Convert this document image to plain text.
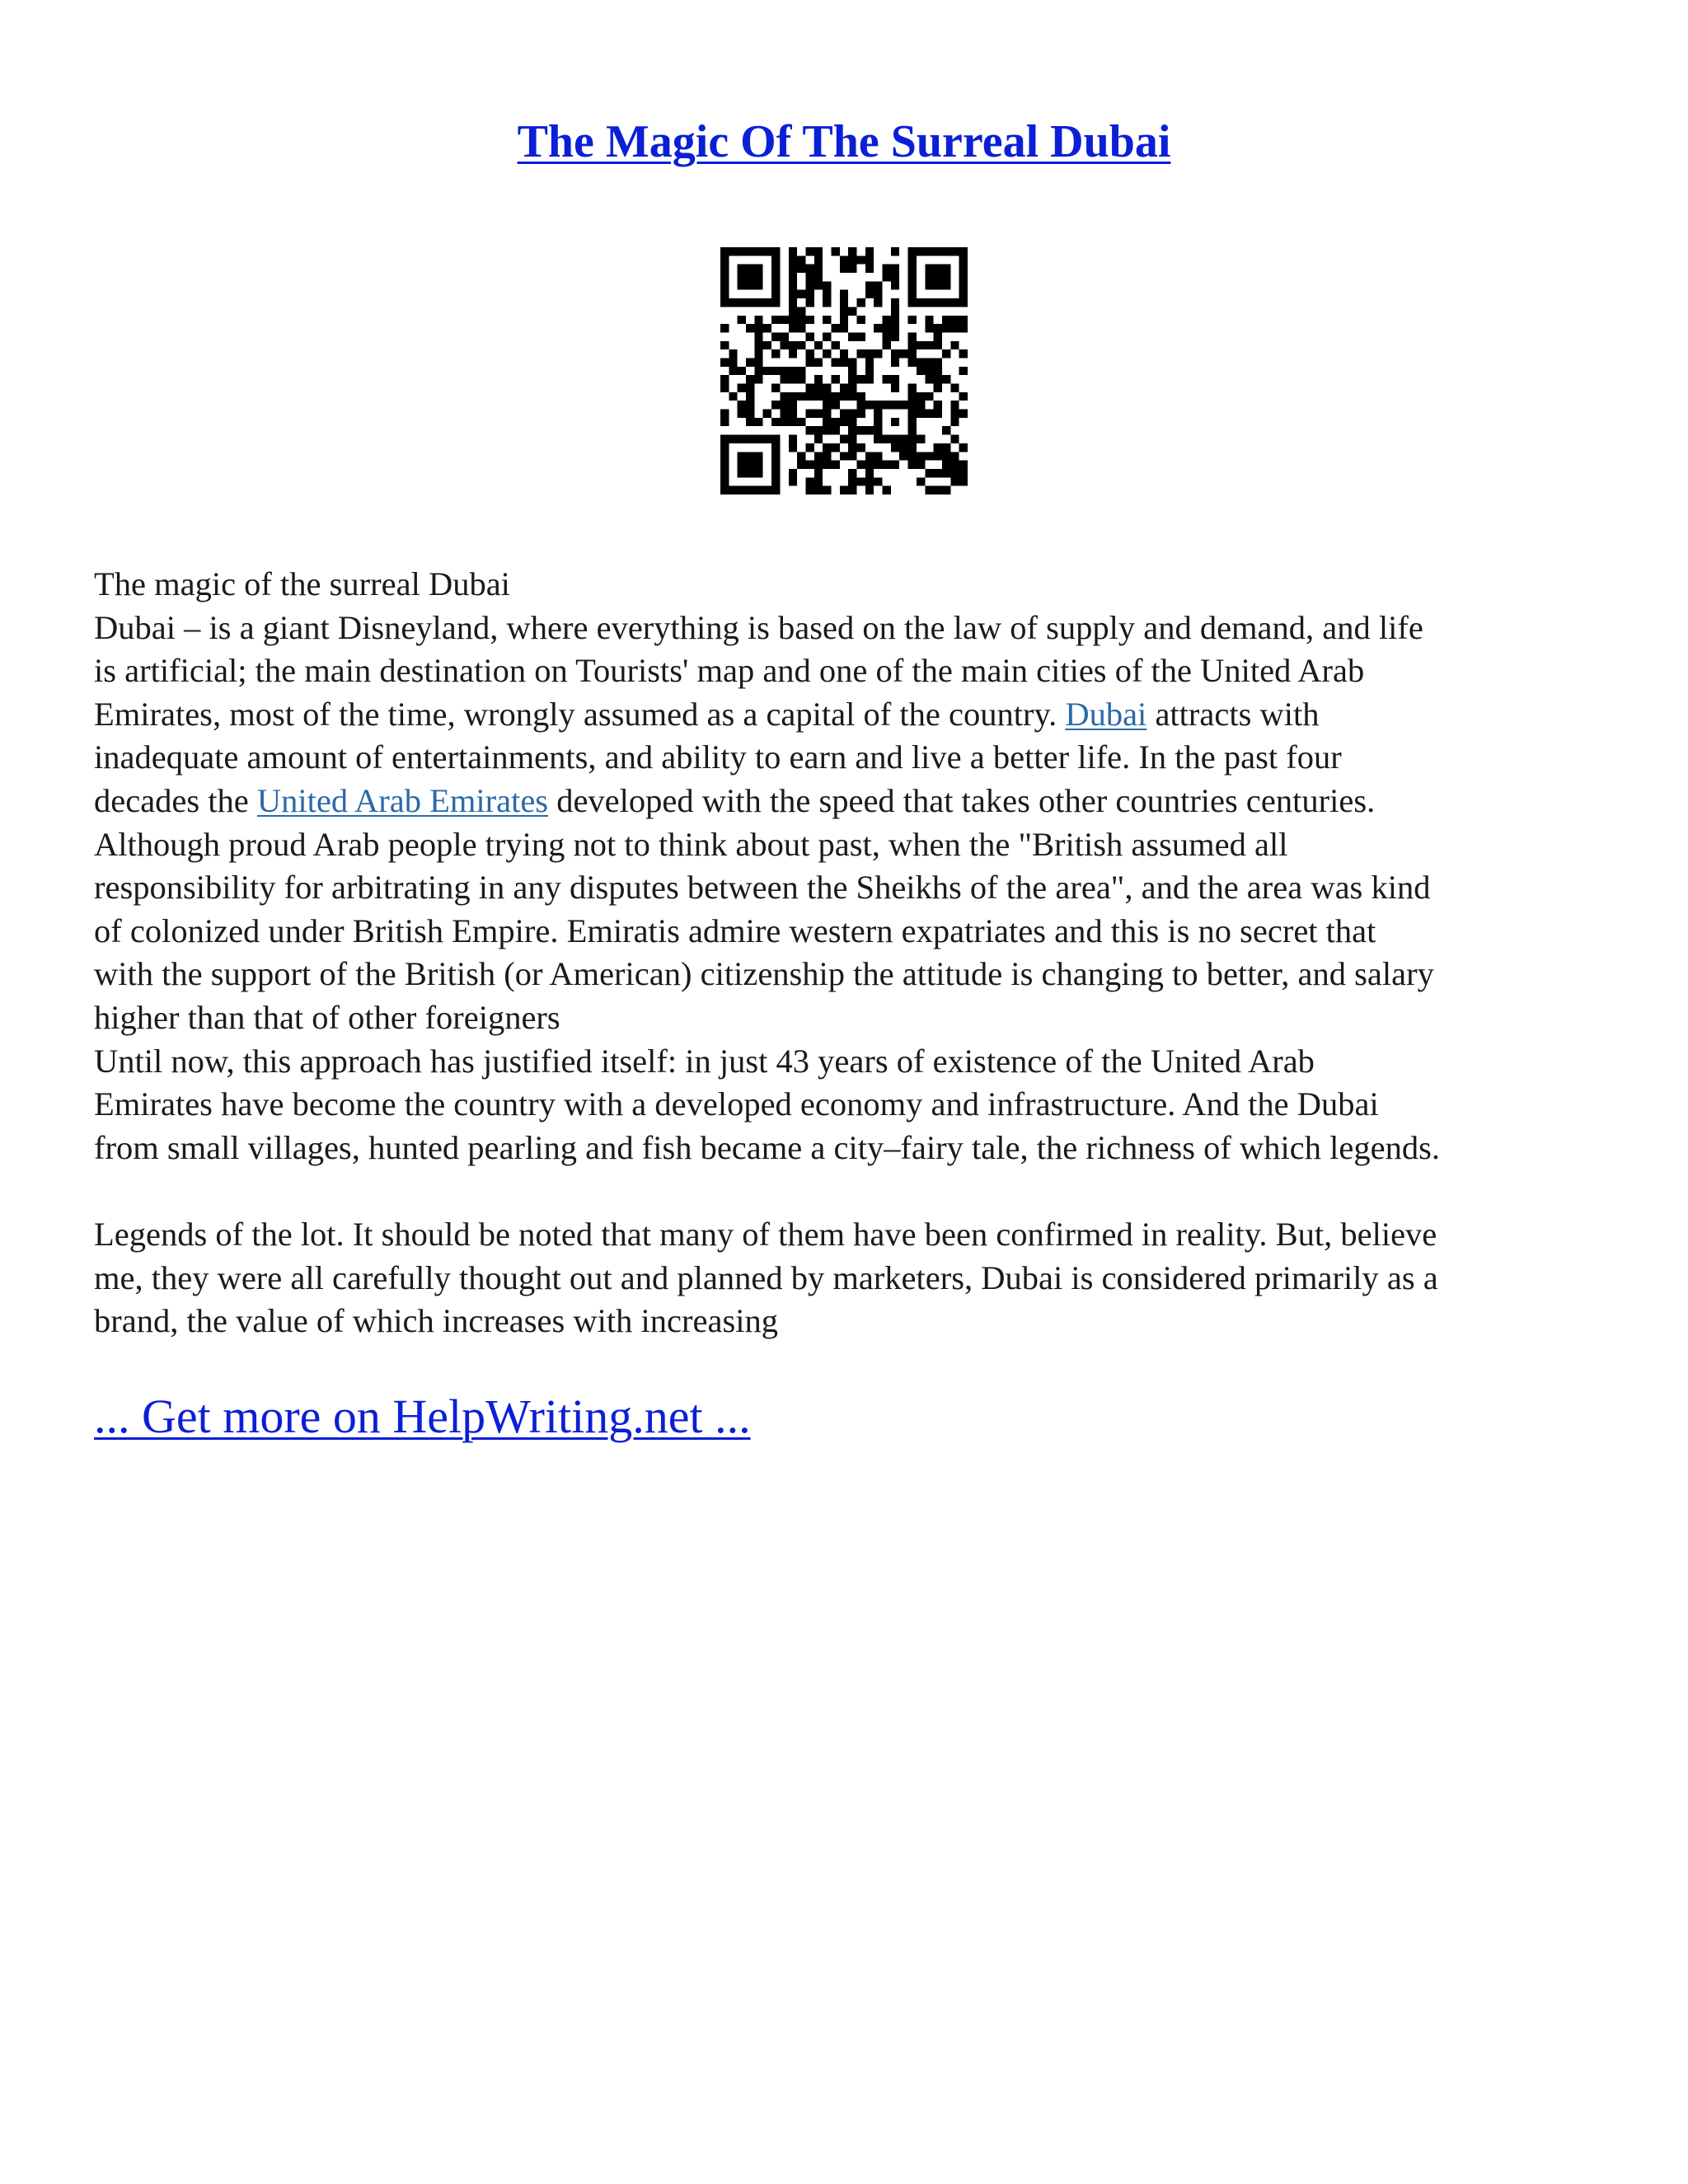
The Magic Of The Surreal Dubai
The magic of the surreal Dubai
Dubai – is a giant Disneyland, where everything is based on the law of supply and demand, and life
is artificial; the main destination on Tourists' map and one of the main cities of the United Arab
Emirates, most of the time, wrongly assumed as a capital of the country. Dubai attracts with
inadequate amount of entertainments, and ability to earn and live a better life. In the past four
decades the United Arab Emirates developed with the speed that takes other countries centuries.
Although proud Arab people trying not to think about past, when the "British assumed all
responsibility for arbitrating in any disputes between the Sheikhs of the area", and the area was kind
of colonized under British Empire. Emiratis admire western expatriates and this is no secret that
with the support of the British (or American) citizenship the attitude is changing to better, and salary
higher than that of other foreigners
Until now, this approach has justified itself: in just 43 years of existence of the United Arab
Emirates have become the country with a developed economy and infrastructure. And the Dubai
from small villages, hunted pearling and fish became a city–fairy tale, the richness of which legends.
Legends of the lot. It should be noted that many of them have been confirmed in reality. But, believe
me, they were all carefully thought out and planned by marketers, Dubai is considered primarily as a
brand, the value of which increases with increasing
... Get more on HelpWriting.net ...
